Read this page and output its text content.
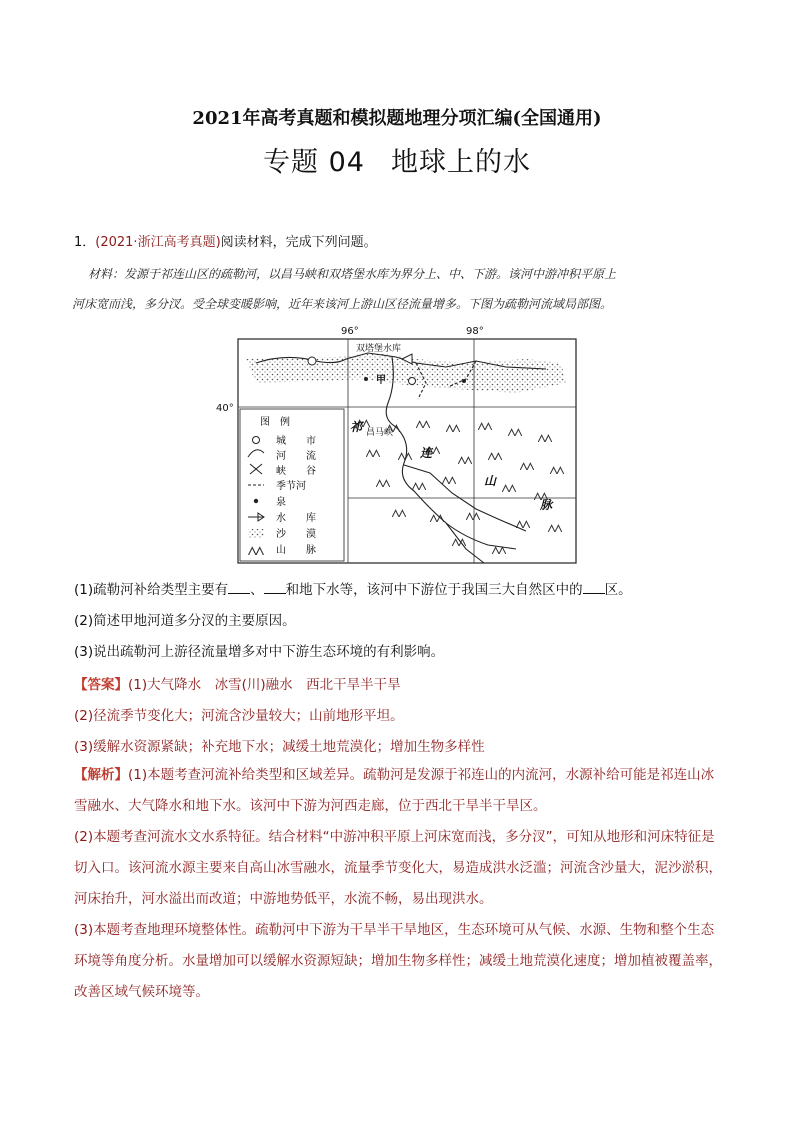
2021年高考真题和模拟题地理分项汇编(全国通用)
专题 04 地球上的水
1．(2021·浙江高考真题)阅读材料，完成下列问题。
材料：发源于祁连山区的疏勒河，以昌马峡和双塔堡水库为界分上、中、下游。该河中游冲积平原上
河床宽而浅，多分汊。受全球变暖影响，近年来该河上游山区径流量增多。下图为疏勒河流域局部图。
96°	98°
40°
双塔堡水库
甲
昌马峡
祁
连
山
脉
图　例
城　　市
河　　流
峡　　谷
季节河
泉
水　　库
沙　　漠
山　　脉
(1)疏勒河补给类型主要有 、 和地下水等，该河中下游位于我国三大自然区中的 区。
(2)简述甲地河道多分汊的主要原因。
(3)说出疏勒河上游径流量增多对中下游生态环境的有利影响。
【答案】(1)大气降水　冰雪(川)融水　西北干旱半干旱
(2)径流季节变化大；河流含沙量较大；山前地形平坦。
(3)缓解水资源紧缺；补充地下水；减缓土地荒漠化；增加生物多样性

【解析】(1)本题考查河流补给类型和区域差异。疏勒河是发源于祁连山的内流河，水源补给可能是祁连山冰雪融水、大气降水和地下水。该河中下游为河西走廊，位于西北干旱半干旱区。

(2)本题考查河流水文水系特征。结合材料“中游冲积平原上河床宽而浅，多分汊”，可知从地形和河床特征是切入口。该河流水源主要来自高山冰雪融水，流量季节变化大，易造成洪水泛滥；河流含沙量大，泥沙淤积，河床抬升，河水溢出而改道；中游地势低平，水流不畅，易出现洪水。

(3)本题考查地理环境整体性。疏勒河中下游为干旱半干旱地区，生态环境可从气候、水源、生物和整个生态环境等角度分析。水量增加可以缓解水资源短缺；增加生物多样性；减缓土地荒漠化速度；增加植被覆盖率，改善区域气候环境等。
